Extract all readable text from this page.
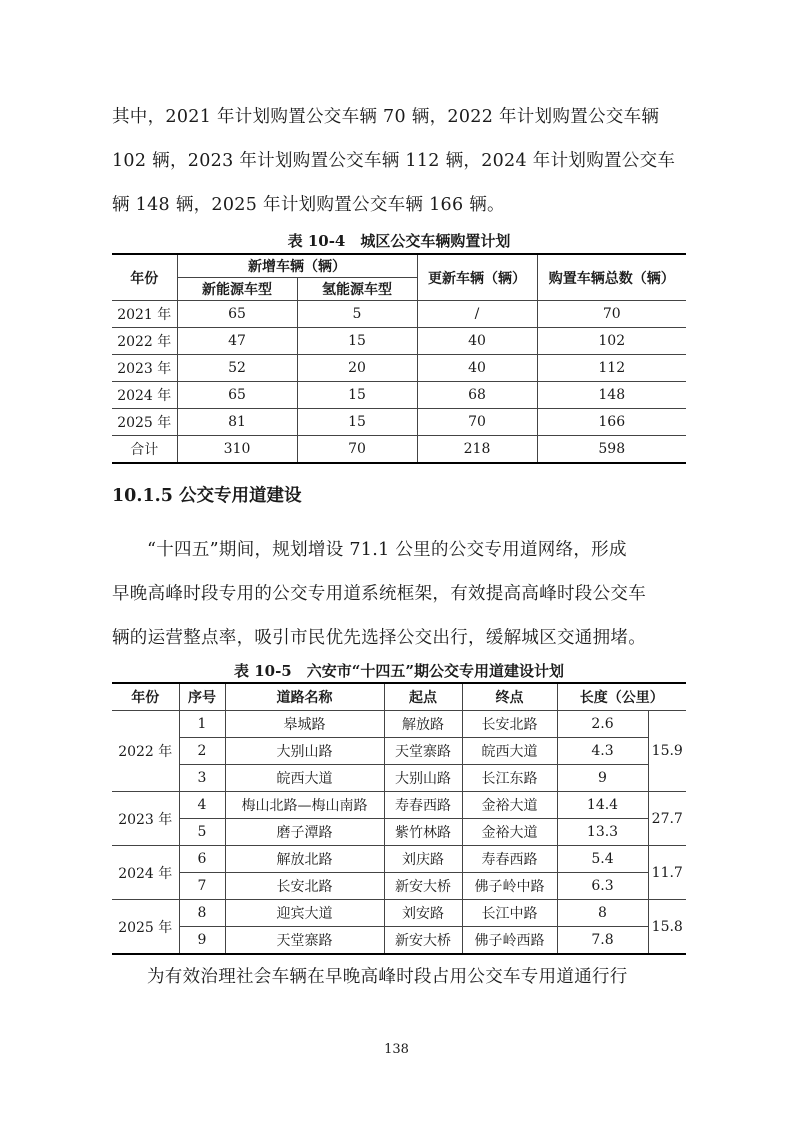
其中，2021 年计划购置公交车辆 70 辆，2022 年计划购置公交车辆
102 辆，2023 年计划购置公交车辆 112 辆，2024 年计划购置公交车
辆 148 辆，2025 年计划购置公交车辆 166 辆。

表 10-4　城区公交车辆购置计划

年份	新增车辆（辆）		更新车辆（辆）	购置车辆总数（辆）
	新能源车型	氢能源车型		
2021 年	65	5	/	70
2022 年	47	15	40	102
2023 年	52	20	40	112
2024 年	65	15	68	148
2025 年	81	15	70	166
合计	310	70	218	598
10.1.5 公交专用道建设

“十四五”期间，规划增设 71.1 公里的公交专用道网络，形成
早晚高峰时段专用的公交专用道系统框架，有效提高高峰时段公交车
辆的运营整点率，吸引市民优先选择公交出行，缓解城区交通拥堵。

表 10-5　六安市“十四五”期公交专用道建设计划

年份	序号	道路名称	起点	终点	长度（公里）	
2022 年	1	皋城路	解放路	长安北路	2.6	15.9
	2	大别山路	天堂寨路	皖西大道	4.3	
	3	皖西大道	大别山路	长江东路	9	
2023 年	4	梅山北路—梅山南路	寿春西路	金裕大道	14.4	27.7
	5	磨子潭路	紫竹林路	金裕大道	13.3	
2024 年	6	解放北路	刘庆路	寿春西路	5.4	11.7
	7	长安北路	新安大桥	佛子岭中路	6.3	
2025 年	8	迎宾大道	刘安路	长江中路	8	15.8
	9	天堂寨路	新安大桥	佛子岭西路	7.8	

为有效治理社会车辆在早晚高峰时段占用公交车专用道通行行

138
